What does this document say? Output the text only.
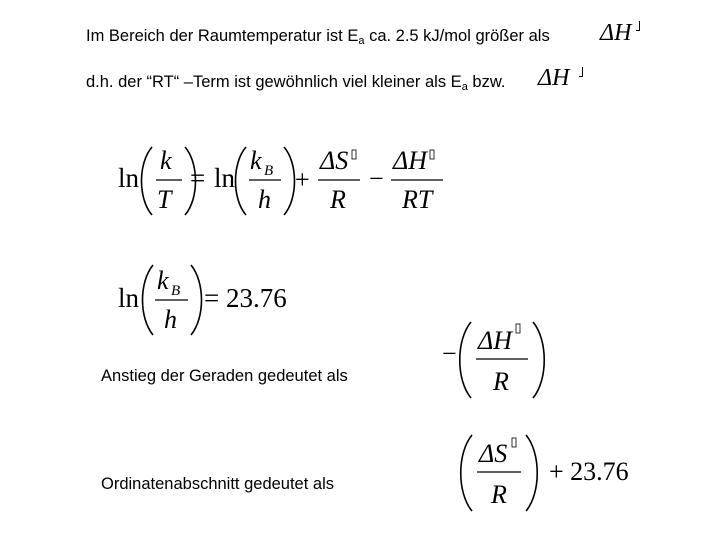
Im Bereich der Raumtemperatur ist $E_a$ ca. 2.5 kJ/mol größer als ΔH
d.h. der “RT“ –Term ist gewöhnlich viel kleiner als $E_a$ bzw. ΔH
ln
k
T
= ln
k B
h
+
ΔS
R
−
ΔH
RT
ln
k B
h
= 23.76
Anstieg der Geraden gedeutet als
− ΔH
R
Ordinatenabschnitt gedeutet als
ΔS
R
+ 23.76
